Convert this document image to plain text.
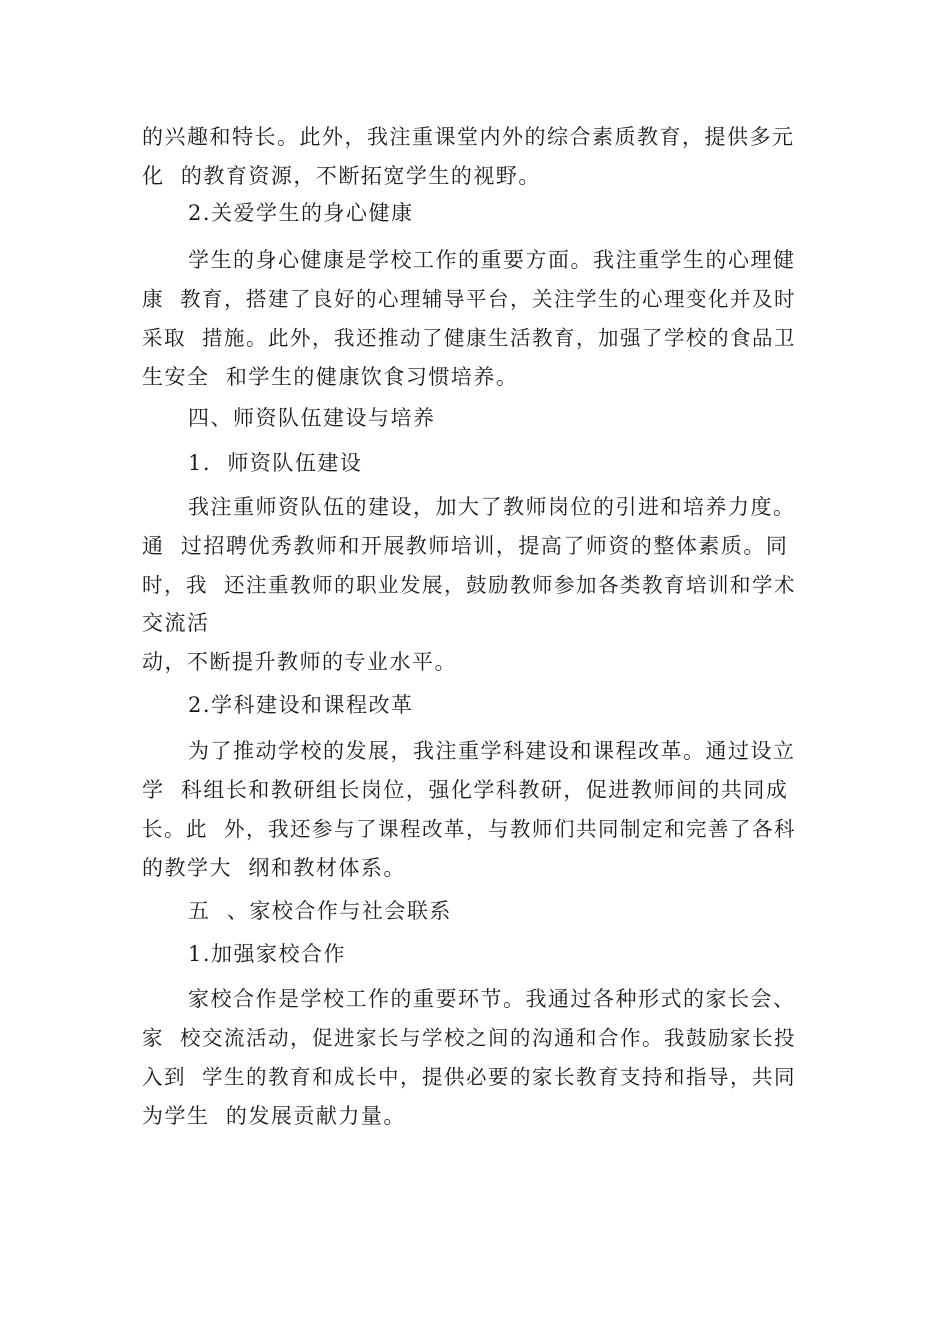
的兴趣和特长。此外，我注重课堂内外的综合素质教育，提供多元
化  的教育资源，不断拓宽学生的视野。
2.关爱学生的身心健康
学生的身心健康是学校工作的重要方面。我注重学生的心理健
康  教育，搭建了良好的心理辅导平台，关注学生的心理变化并及时
采取  措施。此外，我还推动了健康生活教育，加强了学校的食品卫
生安全  和学生的健康饮食习惯培养。
四、师资队伍建设与培养
1.  师资队伍建设
我注重师资队伍的建设，加大了教师岗位的引进和培养力度。
通  过招聘优秀教师和开展教师培训，提高了师资的整体素质。同
时，我  还注重教师的职业发展，鼓励教师参加各类教育培训和学术
交流活
动，不断提升教师的专业水平。
2.学科建设和课程改革
为了推动学校的发展，我注重学科建设和课程改革。通过设立
学  科组长和教研组长岗位，强化学科教研，促进教师间的共同成
长。此  外，我还参与了课程改革，与教师们共同制定和完善了各科
的教学大  纲和教材体系。
五  、家校合作与社会联系
1.加强家校合作
家校合作是学校工作的重要环节。我通过各种形式的家长会、
家  校交流活动，促进家长与学校之间的沟通和合作。我鼓励家长投
入到  学生的教育和成长中，提供必要的家长教育支持和指导，共同
为学生  的发展贡献力量。
